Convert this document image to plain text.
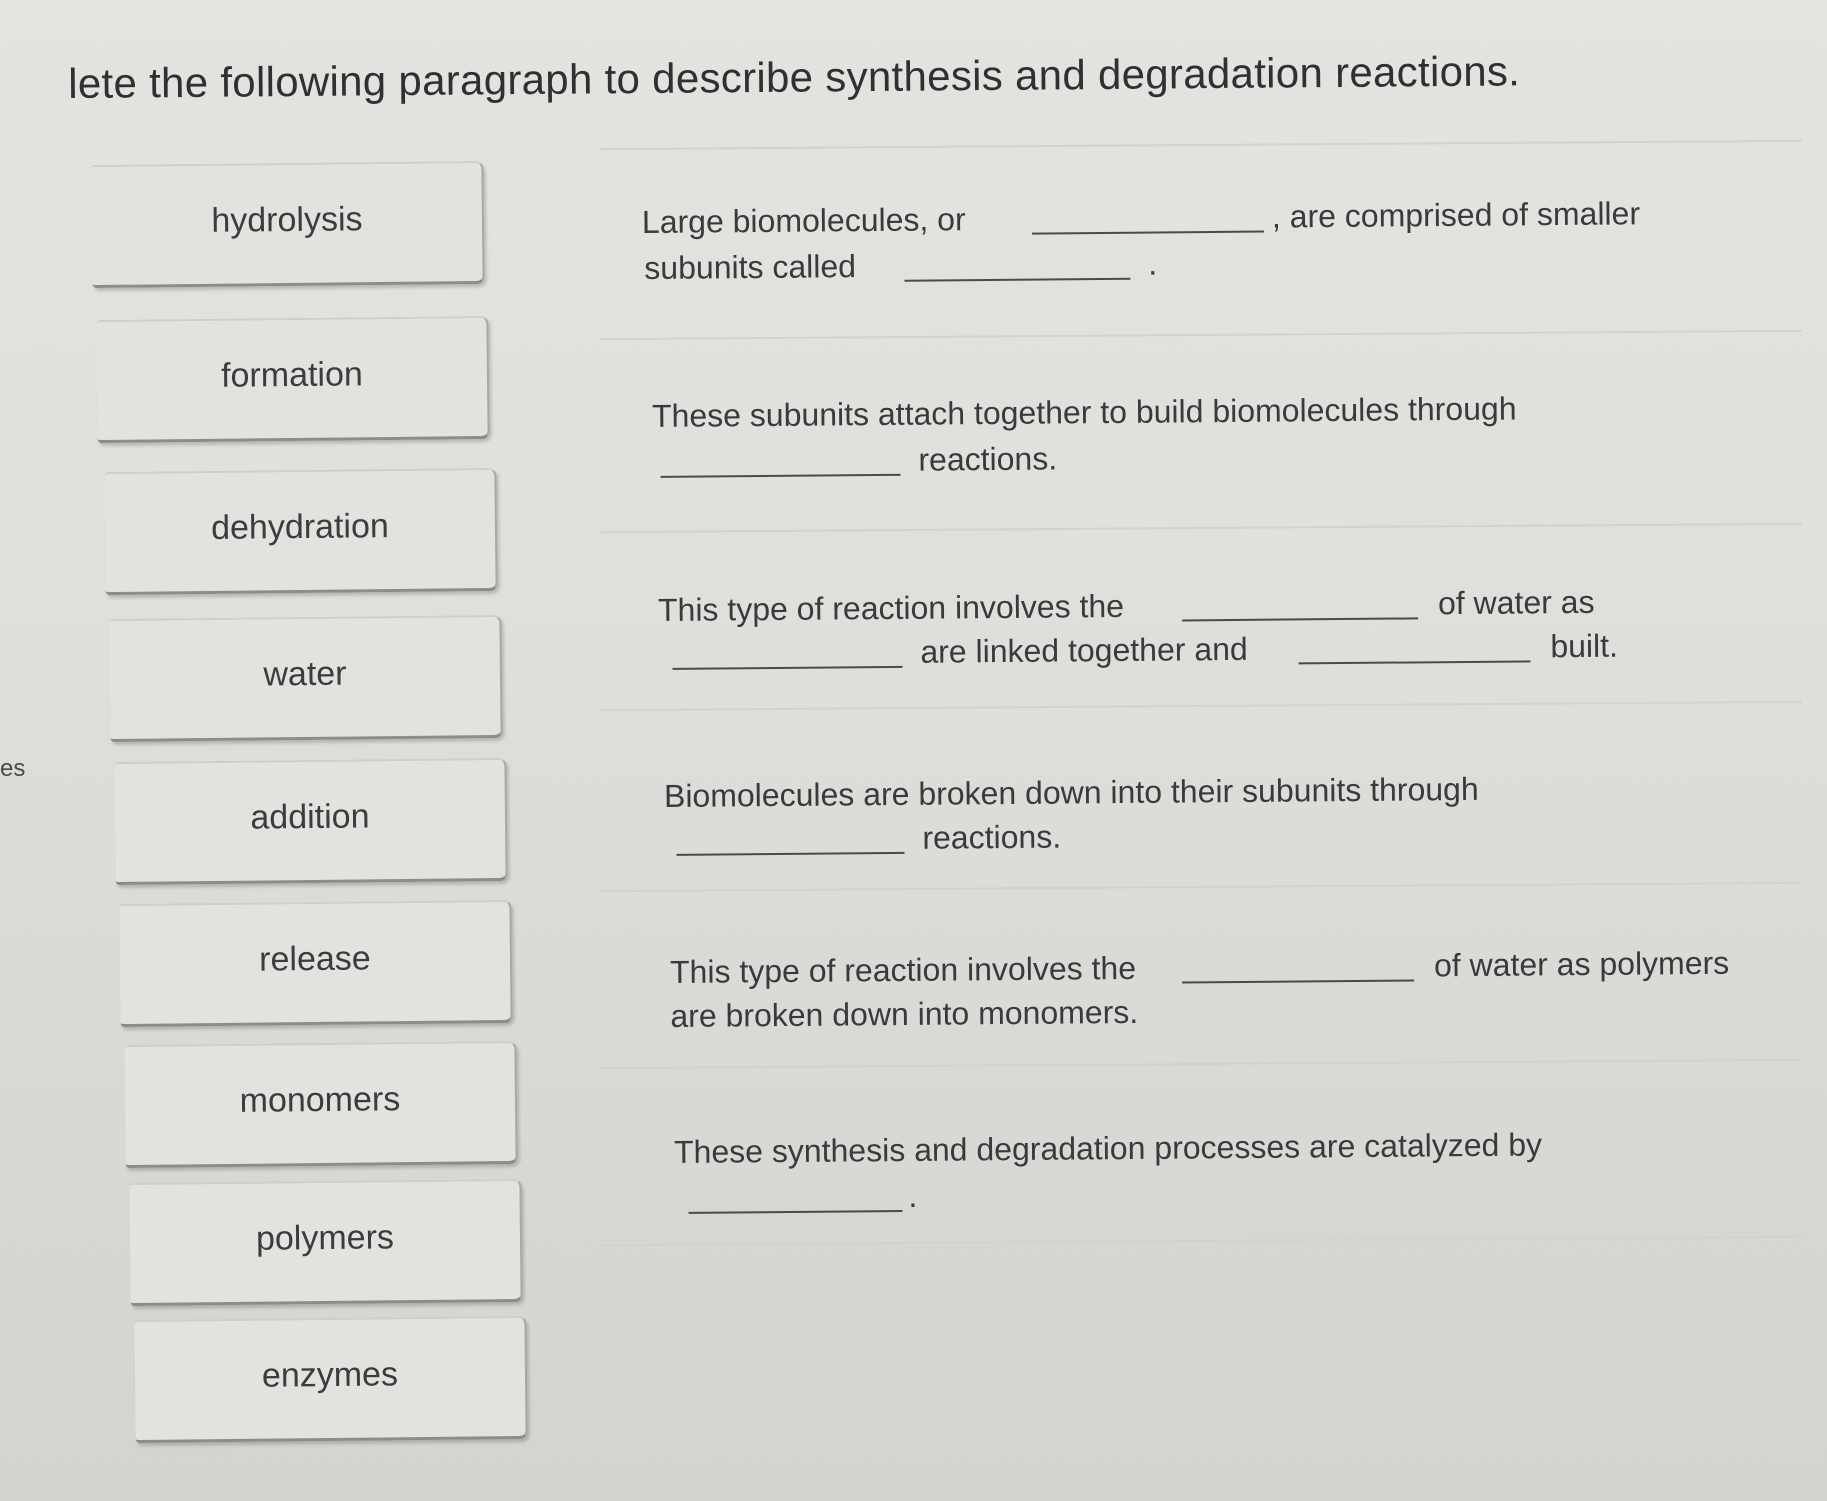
lete the following paragraph to describe synthesis and degradation reactions.
es
hydrolysis
formation
dehydration
water
addition
release
monomers
polymers
enzymes
Large biomolecules, or	, are comprised of smaller
subunits called	.
These subunits attach together to build biomolecules through
reactions.
This type of reaction involves the	of water as
are linked together and	built.
Biomolecules are broken down into their subunits through
reactions.
This type of reaction involves the	of water as polymers
are broken down into monomers.
These synthesis and degradation processes are catalyzed by
.
